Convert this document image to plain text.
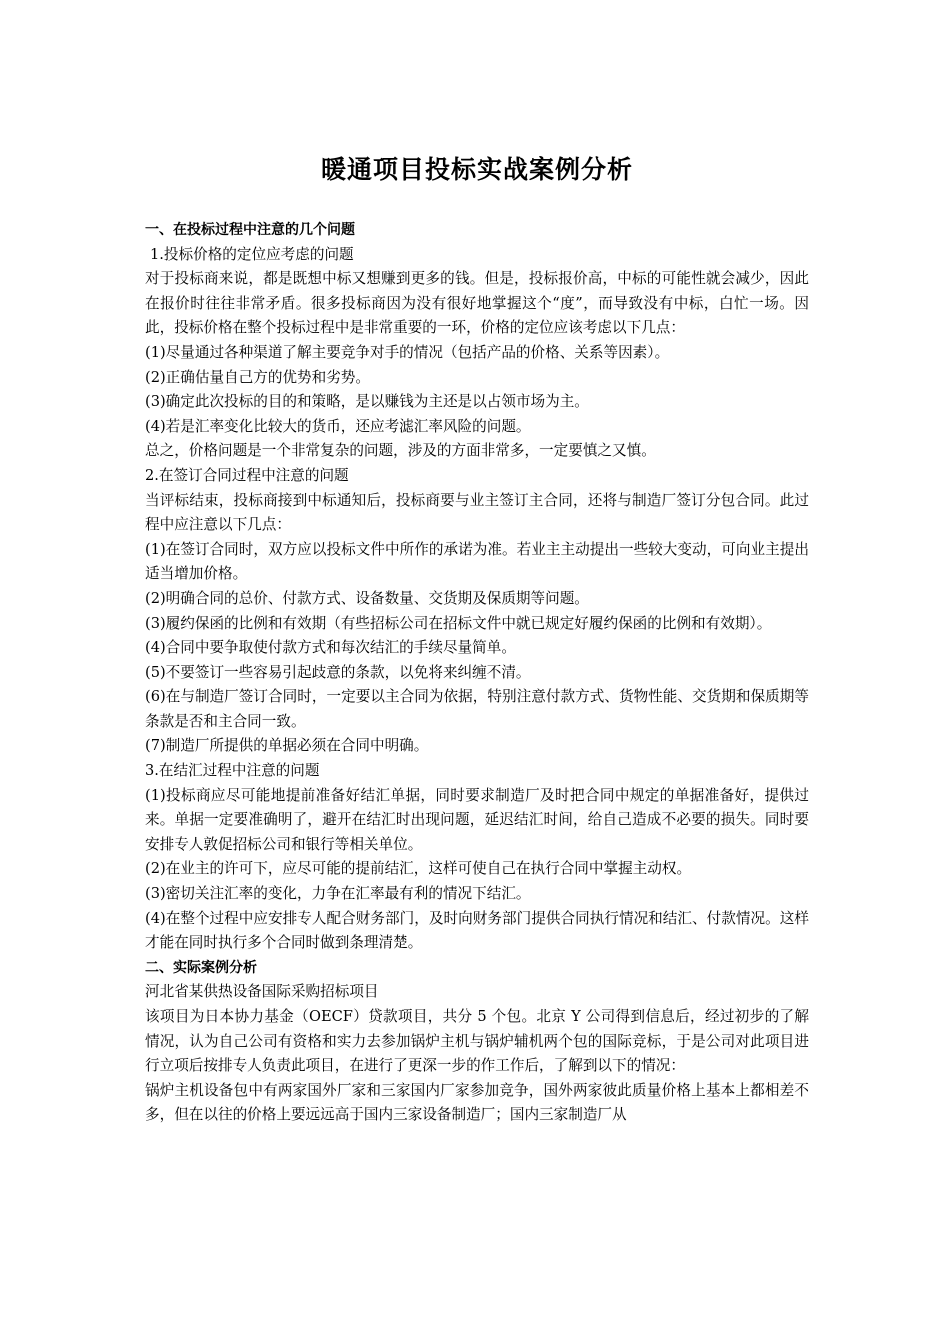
暖通项目投标实战案例分析

一、在投标过程中注意的几个问题

1.投标价格的定位应考虑的问题

对于投标商来说，都是既想中标又想赚到更多的钱。但是，投标报价高，中标的可能性就会减少，因此在报价时往往非常矛盾。很多投标商因为没有很好地掌握这个“度”，而导致没有中标，白忙一场。因此，投标价格在整个投标过程中是非常重要的一环，价格的定位应该考虑以下几点：

(1)尽量通过各种渠道了解主要竞争对手的情况（包括产品的价格、关系等因素）。

(2)正确估量自己方的优势和劣势。

(3)确定此次投标的目的和策略，是以赚钱为主还是以占领市场为主。

(4)若是汇率变化比较大的货币，还应考滤汇率风险的问题。

总之，价格问题是一个非常复杂的问题，涉及的方面非常多，一定要慎之又慎。

2.在签订合同过程中注意的问题

当评标结束，投标商接到中标通知后，投标商要与业主签订主合同，还将与制造厂签订分包合同。此过程中应注意以下几点：

(1)在签订合同时，双方应以投标文件中所作的承诺为准。若业主主动提出一些较大变动，可向业主提出适当增加价格。

(2)明确合同的总价、付款方式、设备数量、交货期及保质期等问题。

(3)履约保函的比例和有效期（有些招标公司在招标文件中就已规定好履约保函的比例和有效期）。

(4)合同中要争取使付款方式和每次结汇的手续尽量简单。

(5)不要签订一些容易引起歧意的条款，以免将来纠缠不清。

(6)在与制造厂签订合同时，一定要以主合同为依据，特别注意付款方式、货物性能、交货期和保质期等条款是否和主合同一致。

(7)制造厂所提供的单据必须在合同中明确。

3.在结汇过程中注意的问题

(1)投标商应尽可能地提前准备好结汇单据，同时要求制造厂及时把合同中规定的单据准备好，提供过来。单据一定要准确明了，避开在结汇时出现问题，延迟结汇时间，给自己造成不必要的损失。同时要安排专人敦促招标公司和银行等相关单位。

(2)在业主的许可下，应尽可能的提前结汇，这样可使自己在执行合同中掌握主动权。

(3)密切关注汇率的变化，力争在汇率最有利的情况下结汇。

(4)在整个过程中应安排专人配合财务部门，及时向财务部门提供合同执行情况和结汇、付款情况。这样才能在同时执行多个合同时做到条理清楚。

二、实际案例分析

河北省某供热设备国际采购招标项目

该项目为日本协力基金（OECF）贷款项目，共分 5 个包。北京 Y 公司得到信息后，经过初步的了解情况，认为自己公司有资格和实力去参加锅炉主机与锅炉辅机两个包的国际竞标，于是公司对此项目进行立项后按排专人负责此项目，在进行了更深一步的作工作后，了解到以下的情况：

锅炉主机设备包中有两家国外厂家和三家国内厂家参加竞争，国外两家彼此质量价格上基本上都相差不多，但在以往的价格上要远远高于国内三家设备制造厂；国内三家制造厂从
